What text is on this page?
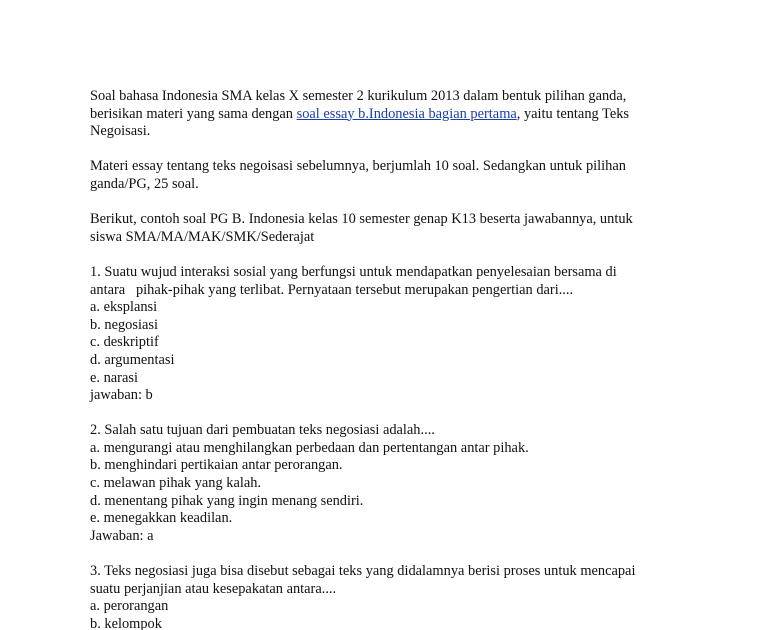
Soal bahasa Indonesia SMA kelas X semester 2 kurikulum 2013 dalam bentuk pilihan ganda,
berisikan materi yang sama dengan soal essay b.Indonesia bagian pertama, yaitu tentang Teks
Negoisasi.

Materi essay tentang teks negoisasi sebelumnya, berjumlah 10 soal. Sedangkan untuk pilihan
ganda/PG, 25 soal.

Berikut, contoh soal PG B. Indonesia kelas 10 semester genap K13 beserta jawabannya, untuk
siswa SMA/MA/MAK/SMK/Sederajat

1. Suatu wujud interaksi sosial yang berfungsi untuk mendapatkan penyelesaian bersama di
antara   pihak-pihak yang terlibat. Pernyataan tersebut merupakan pengertian dari....
a. eksplansi
b. negosiasi
c. deskriptif
d. argumentasi
e. narasi
jawaban: b
2. Salah satu tujuan dari pembuatan teks negosiasi adalah....
a. mengurangi atau menghilangkan perbedaan dan pertentangan antar pihak.
b. menghindari pertikaian antar perorangan.
c. melawan pihak yang kalah.
d. menentang pihak yang ingin menang sendiri.
e. menegakkan keadilan.
Jawaban: a
3. Teks negosiasi juga bisa disebut sebagai teks yang didalamnya berisi proses untuk mencapai
suatu perjanjian atau kesepakatan antara....
a. perorangan
b. kelompok
